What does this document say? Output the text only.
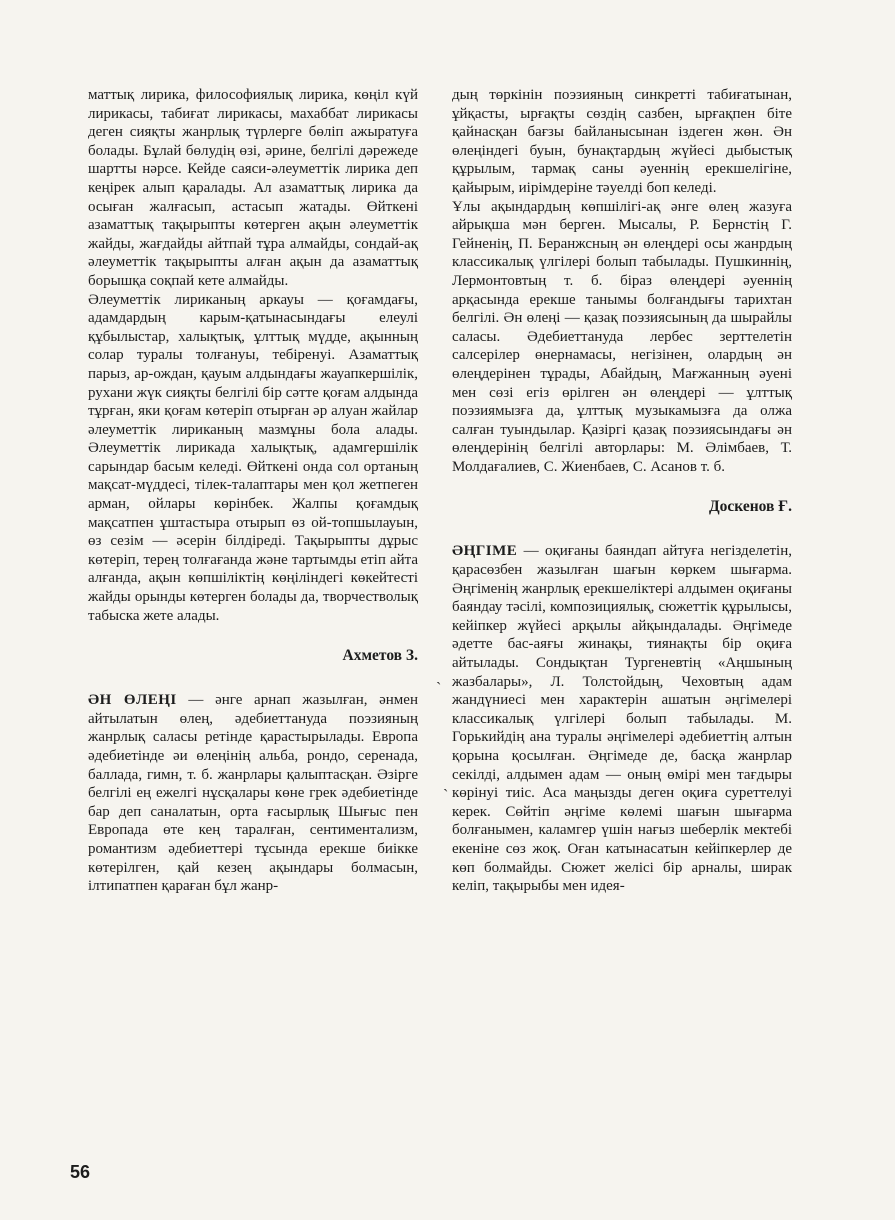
маттық лирика, философиялық лирика, көңіл күй лирикасы, табиғат лирикасы, махаббат лирикасы деген сияқты жанрлық түрлерге бөліп ажыратуға болады. Бұлай бөлудің өзі, әрине, белгілі дәрежеде шартты нәрсе. Кейде саяси-әлеуметтік лирика деп кеңірек алып қаралады. Ал азаматтық лирика да осыған жалғасып, астасып жатады. Өйткені азаматтық тақырыпты көтерген ақын әлеуметтік жайды, жағдайды айтпай тұра алмайды, сондай-ақ әлеуметтік тақырыпты алған ақын да азаматтық борышқа соқпай кете алмайды.

Әлеуметтік лириканың аркауы — қоғамдағы, адамдардың карым-қатынасындағы елеулі құбылыстар, халықтық, ұлттық мүдде, ақынның солар туралы толғануы, тебіренуі. Азаматтық парыз, ар-ождан, қауым алдындағы жауапкершілік, рухани жүк сияқты белгілі бір сәтте қоғам алдында тұрған, яки қоғам көтеріп отырған әр алуан жайлар әлеуметтік лириканың мазмұны бола алады. Әлеуметтік лирикада халықтық, адамгершілік сарындар басым келеді. Өйткені онда сол ортаның мақсат-мүддесі, тілек-талаптары мен қол жетпеген арман, ойлары көрінбек. Жалпы қоғамдық мақсатпен ұштастыра отырып өз ой-топшылауын, өз сезім — әсерін білдіреді. Тақырыпты дұрыс көтеріп, терең толғағанда және тартымды етіп айта алғанда, ақын көпшіліктің көңіліндегі көкейтесті жайды орынды көтерген болады да, творчестволық табыска жете алады.

Ахметов З.

ӘН ӨЛЕҢІ — әнге арнап жазылған, әнмен айтылатын өлең, әдебиеттануда поэзияның жанрлық саласы ретінде қарастырылады. Европа әдебиетінде әи өлеңінің альба, рондо, серенада, баллада, гимн, т. б. жанрлары қалыптасқан. Әзірге белгілі ең ежелгі нұсқалары көне грек әдебиетінде бар деп саналатын, орта ғасырлық Шығыс пен Европада өте кең таралған, сентиментализм, романтизм әдебиеттері тұсында ерекше биікке көтерілген, қай кезең ақындары болмасын, ілтипатпен қараған бұл жанр-

дың төркінін поэзияның синкретті табиғатынан, ұйқасты, ырғақты сөздің сазбен, ырғақпен біте қайнасқан бағзы байланысынан іздеген жөн. Ән өлеңіндегі буын, бунақтардың жүйесі дыбыстық құрылым, тармақ саны әуеннің ерекшелігіне, қайырым, иірімдеріне тәуелді боп келеді.

Ұлы ақындардың көпшілігі-ақ әнге өлең жазуға айрықша мән берген. Мысалы, Р. Бернстің Г. Гейненің, П. Беранжсның ән өлеңдері осы жанрдың классикалық үлгілері болып табылады. Пушкиннің, Лермонтовтың т. б. біраз өлеңдері әуеннің арқасында ерекше танымы болғандығы тарихтан белгілі. Ән өлеңі — қазақ поэзиясының да шырайлы саласы. Әдебиеттануда лербес зерттелетін салсерілер өнернамасы, негізінен, олардың ән өлеңдерінен тұрады, Абайдың, Мағжанның әуені мен сөзі егіз өрілген ән өлеңдері — ұлттық поэзиямызға да, ұлттық музыкамызға да олжа салған туындылар. Қазіргі қазақ поэзиясындағы ән өлеңдерінің белгілі авторлары: М. Әлімбаев, Т. Молдағалиев, С. Жиенбаев, С. Асанов т. б.

Доскенов Ғ.

ӘҢГІМЕ — оқиғаны баяндап айтуға негізделетін, қарасөзбен жазылған шағын көркем шығарма. Әңгіменің жанрлық ерекшеліктері алдымен оқиғаны баяндау тәсілі, композициялық, сюжеттік құрылысы, кейіпкер жүйесі арқылы айқындалады. Әңгімеде әдетте бас-аяғы жинақы, тиянақты бір оқиға айтылады. Сондықтан Тургеневтің «Аңшының жазбалары», Л. Толстойдың, Чеховтың адам жандүниесі мен характерін ашатын әңгімелері классикалық үлгілері болып табылады. М. Горькийдің ана туралы әңгімелері әдебиеттің алтын қорына қосылған. Әңгімеде де, басқа жанрлар секілді, алдымен адам — оның өмірі мен тағдыры көрінуі тиіс. Аса маңызды деген оқиға суреттелуі керек. Сөйтіп әңгіме көлемі шағын шығарма болғанымен, каламгер үшін нағыз шеберлік мектебі екеніне сөз жоқ. Оған катынасатын кейіпкерлер де көп болмайды. Сюжет желісі бір арналы, ширак келіп, тақырыбы мен идея-

ˏ
ˎ
56
